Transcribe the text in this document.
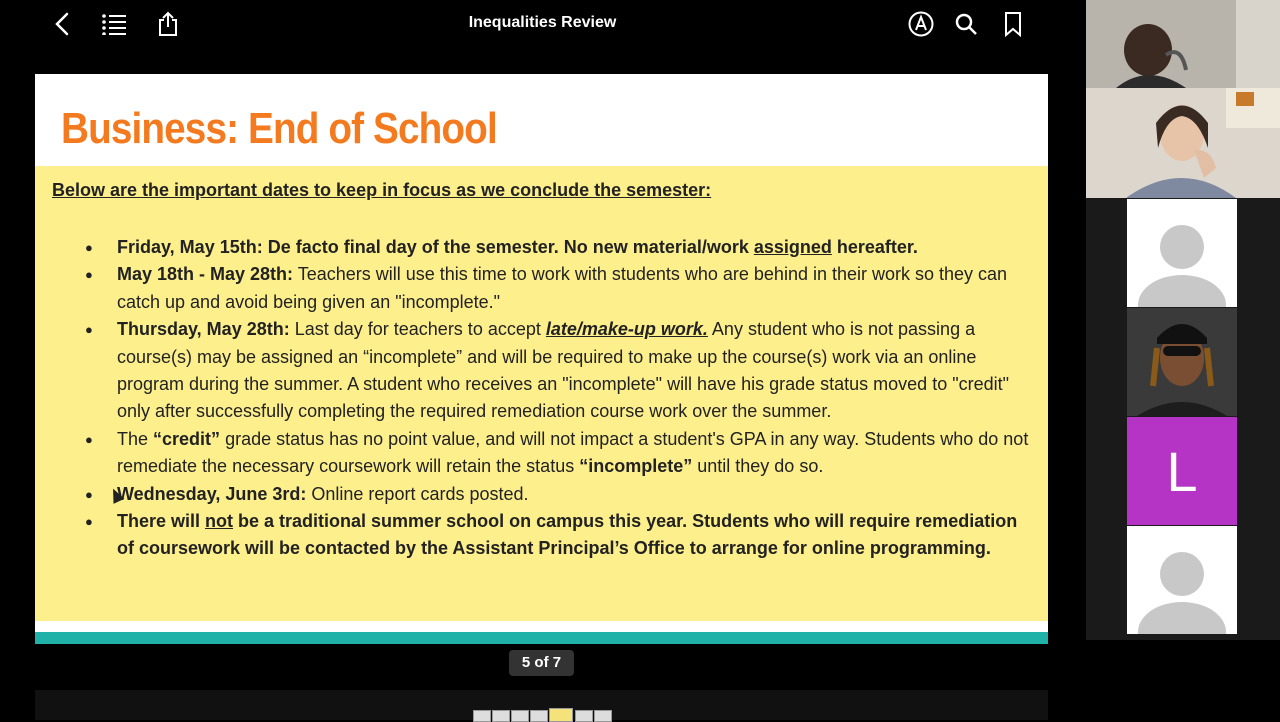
Inequalities Review
Business: End of School
Below are the important dates to keep in focus as we conclude the semester:
● Friday, May 15th: De facto final day of the semester. No new material/work assigned hereafter.
● May 18th - May 28th: Teachers will use this time to work with students who are behind in their work so they can catch up and avoid being given an "incomplete."
● Thursday, May 28th: Last day for teachers to accept late/make-up work. Any student who is not passing a course(s) may be assigned an “incomplete” and will be required to make up the course(s) work via an online program during the summer. A student who receives an "incomplete" will have his grade status moved to "credit" only after successfully completing the required remediation course work over the summer.
● The “credit” grade status has no point value, and will not impact a student's GPA in any way. Students who do not remediate the necessary coursework will retain the status “incomplete” until they do so.
● Wednesday, June 3rd: Online report cards posted.
● There will not be a traditional summer school on campus this year. Students who will require remediation of coursework will be contacted by the Assistant Principal’s Office to arrange for online programming.
5 of 7
L
